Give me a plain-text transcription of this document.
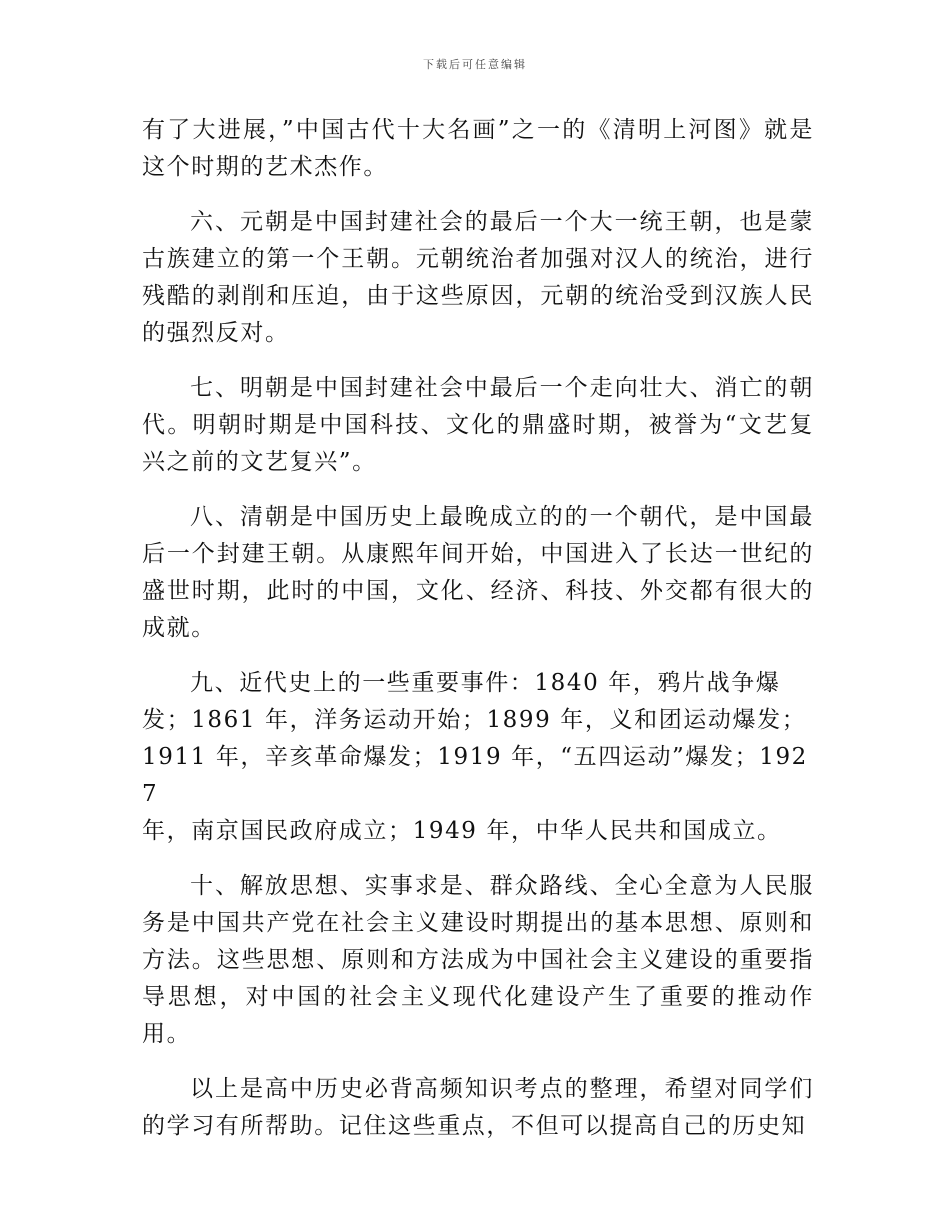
下载后可任意编辑

有了大进展，”中国古代十大名画”之一的《清明上河图》就是这个时期的艺术杰作。

六、元朝是中国封建社会的最后一个大一统王朝，也是蒙古族建立的第一个王朝。元朝统治者加强对汉人的统治，进行残酷的剥削和压迫，由于这些原因，元朝的统治受到汉族人民的强烈反对。

七、明朝是中国封建社会中最后一个走向壮大、消亡的朝代。明朝时期是中国科技、文化的鼎盛时期，被誉为“文艺复兴之前的文艺复兴”。

八、清朝是中国历史上最晚成立的的一个朝代，是中国最后一个封建王朝。从康熙年间开始，中国进入了长达一世纪的盛世时期，此时的中国，文化、经济、科技、外交都有很大的成就。

九、近代史上的一些重要事件：1840 年，鸦片战争爆
发；1861 年，洋务运动开始；1899 年，义和团运动爆发；
1911 年，辛亥革命爆发；1919 年，“五四运动”爆发；1927
年，南京国民政府成立；1949 年，中华人民共和国成立。

十、解放思想、实事求是、群众路线、全心全意为人民服务是中国共产党在社会主义建设时期提出的基本思想、原则和方法。这些思想、原则和方法成为中国社会主义建设的重要指导思想，对中国的社会主义现代化建设产生了重要的推动作用。

以上是高中历史必背高频知识考点的整理，希望对同学们的学习有所帮助。记住这些重点，不但可以提高自己的历史知
